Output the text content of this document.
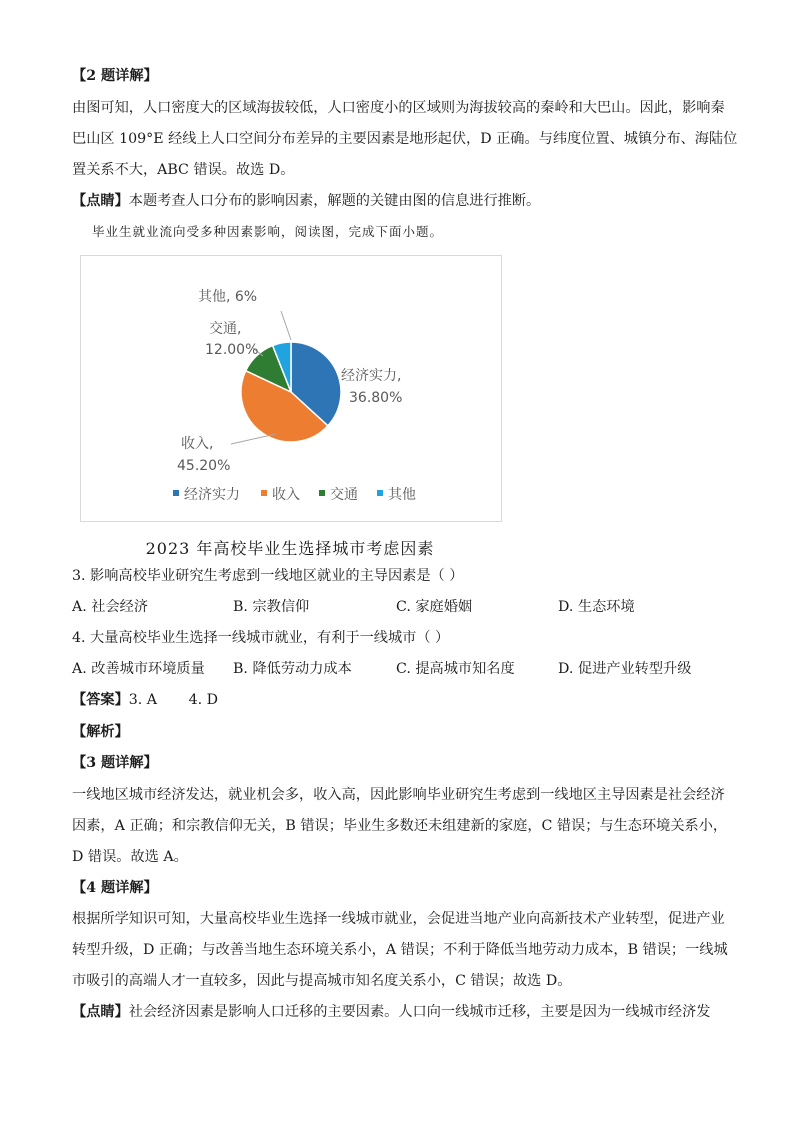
【2 题详解】
由图可知，人口密度大的区域海拔较低，人口密度小的区域则为海拔较高的秦岭和大巴山。因此，影响秦
巴山区 109°E 经线上人口空间分布差异的主要因素是地形起伏，D 正确。与纬度位置、城镇分布、海陆位
置关系不大，ABC 错误。故选 D。
【点睛】本题考查人口分布的影响因素，解题的关键由图的信息进行推断。
毕业生就业流向受多种因素影响，阅读图，完成下面小题。
其他, 6%
交通,
12.00%
经济实力,
36.80%
收入,
45.20%
经济实力 收入 交通 其他
2023 年高校毕业生选择城市考虑因素
3. 影响高校毕业研究生考虑到一线地区就业的主导因素是（ ）
A. 社会经济	B. 宗教信仰	C. 家庭婚姻	D. 生态环境
4. 大量高校毕业生选择一线城市就业，有利于一线城市（ ）
A. 改善城市环境质量 B. 降低劳动力成本	C. 提高城市知名度	D. 促进产业转型升级
【答案】3. A       4. D
【解析】
【3 题详解】
一线地区城市经济发达，就业机会多，收入高，因此影响毕业研究生考虑到一线地区主导因素是社会经济
因素，A 正确；和宗教信仰无关，B 错误；毕业生多数还未组建新的家庭，C 错误；与生态环境关系小，
D 错误。故选 A。
【4 题详解】
根据所学知识可知，大量高校毕业生选择一线城市就业，会促进当地产业向高新技术产业转型，促进产业
转型升级，D 正确；与改善当地生态环境关系小，A 错误；不利于降低当地劳动力成本，B 错误；一线城
市吸引的高端人才一直较多，因此与提高城市知名度关系小，C 错误；故选 D。
【点睛】社会经济因素是影响人口迁移的主要因素。人口向一线城市迁移，主要是因为一线城市经济发
